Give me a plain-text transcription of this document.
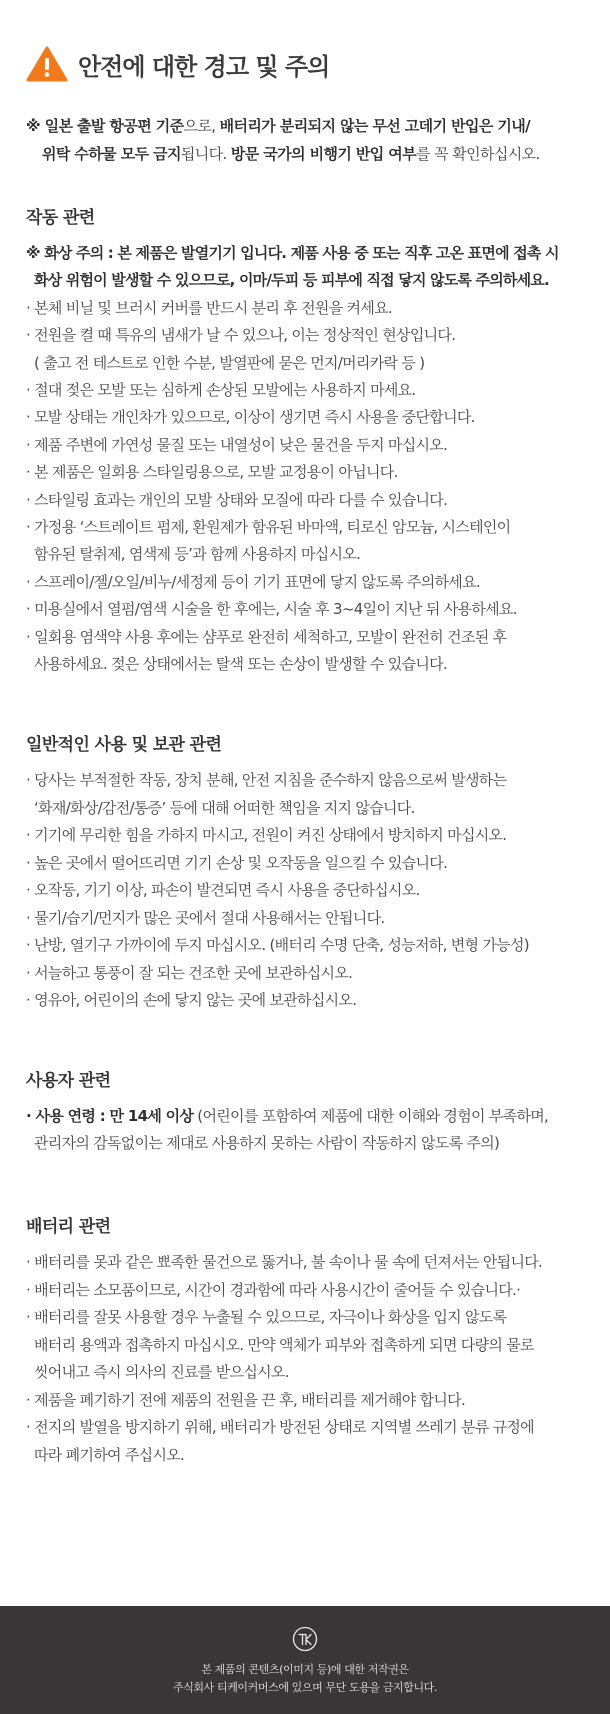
안전에 대한 경고 및 주의

※ 일본 출발 항공편 기준으로, 배터리가 분리되지 않는 무선 고데기 반입은 기내/

위탁 수하물 모두 금지됩니다. 방문 국가의 비행기 반입 여부를 꼭 확인하십시오.

작동 관련

※ 화상 주의 : 본 제품은 발열기기 입니다. 제품 사용 중 또는 직후 고온 표면에 접촉 시

화상 위험이 발생할 수 있으므로, 이마/두피 등 피부에 직접 닿지 않도록 주의하세요.

· 본체 비닐 및 브러시 커버를 반드시 분리 후 전원을 켜세요.

· 전원을 켤 때 특유의 냄새가 날 수 있으나, 이는 정상적인 현상입니다.

( 출고 전 테스트로 인한 수분, 발열판에 묻은 먼지/머리카락 등 )

· 절대 젖은 모발 또는 심하게 손상된 모발에는 사용하지 마세요.

· 모발 상태는 개인차가 있으므로, 이상이 생기면 즉시 사용을 중단합니다.

· 제품 주변에 가연성 물질 또는 내열성이 낮은 물건을 두지 마십시오.

· 본 제품은 일회용 스타일링용으로, 모발 교정용이 아닙니다.

· 스타일링 효과는 개인의 모발 상태와 모질에 따라 다를 수 있습니다.

· 가정용 ‘스트레이트 펌제, 환원제가 함유된 바마액, 티로신 암모늄, 시스테인이

함유된 탈취제, 염색제 등’과 함께 사용하지 마십시오.

· 스프레이/젤/오일/비누/세정제 등이 기기 표면에 닿지 않도록 주의하세요.

· 미용실에서 열펌/염색 시술을 한 후에는, 시술 후 3~4일이 지난 뒤 사용하세요.

· 일회용 염색약 사용 후에는 샴푸로 완전히 세척하고, 모발이 완전히 건조된 후

사용하세요. 젖은 상태에서는 탈색 또는 손상이 발생할 수 있습니다.

일반적인 사용 및 보관 관련

· 당사는 부적절한 작동, 장치 분해, 안전 지침을 준수하지 않음으로써 발생하는

‘화재/화상/감전/통증’ 등에 대해 어떠한 책임을 지지 않습니다.

· 기기에 무리한 힘을 가하지 마시고, 전원이 켜진 상태에서 방치하지 마십시오.

· 높은 곳에서 떨어뜨리면 기기 손상 및 오작동을 일으킬 수 있습니다.

· 오작동, 기기 이상, 파손이 발견되면 즉시 사용을 중단하십시오.

· 물기/습기/먼지가 많은 곳에서 절대 사용해서는 안됩니다.

· 난방, 열기구 가까이에 두지 마십시오. (배터리 수명 단축, 성능저하, 변형 가능성)

· 서늘하고 통풍이 잘 되는 건조한 곳에 보관하십시오.

· 영유아, 어린이의 손에 닿지 않는 곳에 보관하십시오.

사용자 관련

· 사용 연령 : 만 14세 이상 (어린이를 포함하여 제품에 대한 이해와 경험이 부족하며,

관리자의 감독없이는 제대로 사용하지 못하는 사람이 작동하지 않도록 주의)

배터리 관련

· 배터리를 못과 같은 뾰족한 물건으로 뚫거나, 불 속이나 물 속에 던져서는 안됩니다.

· 배터리는 소모품이므로, 시간이 경과함에 따라 사용시간이 줄어들 수 있습니다.·

· 배터리를 잘못 사용할 경우 누출될 수 있으므로, 자극이나 화상을 입지 않도록

배터리 용액과 접촉하지 마십시오. 만약 액체가 피부와 접촉하게 되면 다량의 물로

씻어내고 즉시 의사의 진료를 받으십시오.

· 제품을 폐기하기 전에 제품의 전원을 끈 후, 배터리를 제거해야 합니다.

· 전지의 발열을 방지하기 위해, 배터리가 방전된 상태로 지역별 쓰레기 분류 규정에

따라 폐기하여 주십시오.

본 제품의 콘텐츠(이미지 등)에 대한 저작권은
주식회사 티케이커머스에 있으며 무단 도용을 금지합니다.
